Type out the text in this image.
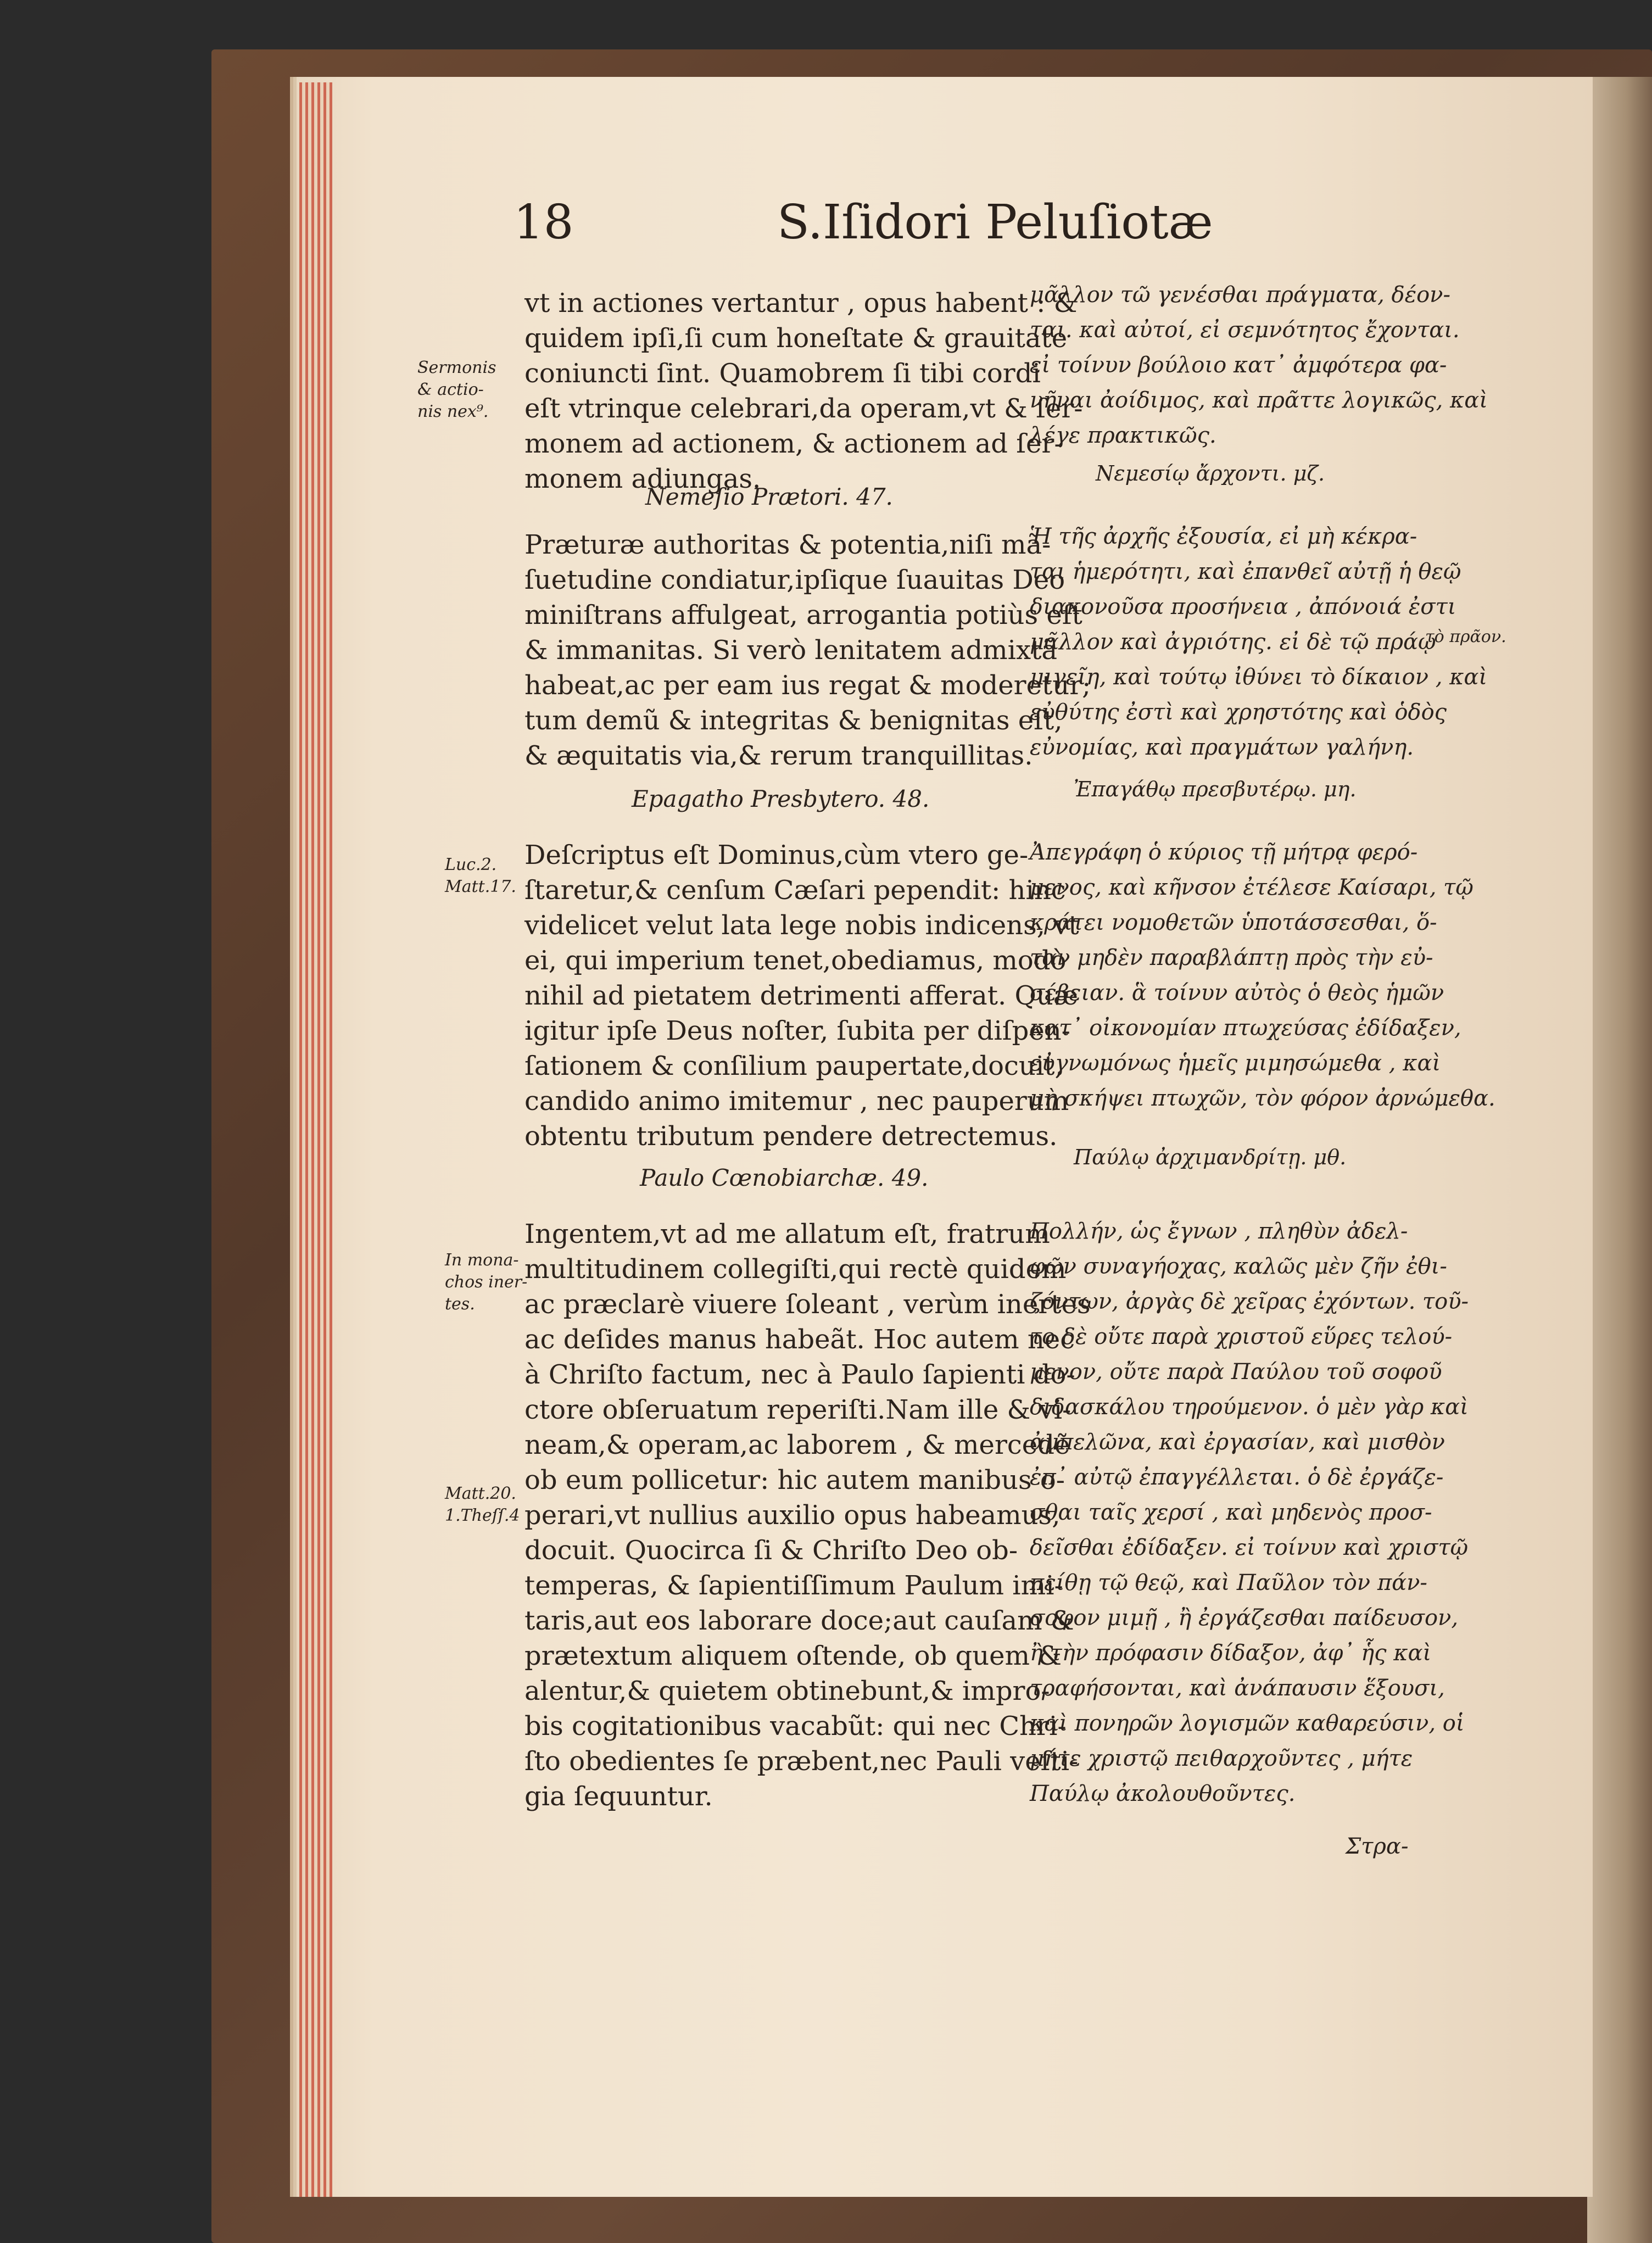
18	S.Iſidori Peluſiotæ
vt in actiones vertantur , opus habent : &
quidem ipſi,ſi cum honeſtate & grauitate
coniuncti ſint. Quamobrem ſi tibi cordi
eſt vtrinque celebrari,da operam,vt & ſer-
monem ad actionem, & actionem ad ſer-
monem adiungas.
Nemeſio Prætori. 47.
Præturæ authoritas & potentia,niſi mã-
ſuetudine condiatur,ipſique ſuauitas Deo
miniſtrans affulgeat, arrogantia potiùs eſt
& immanitas. Si verò lenitatem admixtã
habeat,ac per eam ius regat & moderetur;
tum demũ & integritas & benignitas eſt,
& æquitatis via,& rerum tranquillitas.
Epagatho Presbytero. 48.
Deſcriptus eſt Dominus,cùm vtero ge-
ſtaretur,& cenſum Cæſari pependit: hinc
videlicet velut lata lege nobis indicens, vt
ei, qui imperium tenet,obediamus, modò
nihil ad pietatem detrimenti afferat. Quæ
igitur ipſe Deus noſter, ſubita per diſpen-
ſationem & conſilium paupertate,docuit,
candido animo imitemur , nec pauperum
obtentu tributum pendere detrectemus.
Paulo Cœnobiarchæ. 49.
Ingentem,vt ad me allatum eſt, fratrum
multitudinem collegiſti,qui rectè quidem
ac præclarè viuere ſoleant , verùm inertes
ac deſides manus habeãt. Hoc autem nec
à Chriſto factum, nec à Paulo ſapienti do-
ctore obſeruatum reperiſti.Nam ille & vi-
neam,& operam,ac laborem , & mercedẽ
ob eum pollicetur: hic autem manibus o-
perari,vt nullius auxilio opus habeamus,
docuit. Quocirca ſi & Chriſto Deo ob-
temperas, & ſapientiſſimum Paulum imi-
taris,aut eos laborare doce;aut cauſam &
prætextum aliquem oſtende, ob quem &
alentur,& quietem obtinebunt,& impro-
bis cogitationibus vacabũt: qui nec Chri-
ſto obedientes ſe præbent,nec Pauli veſti-
gia ſequuntur.
μᾶλλον τῶ γενέσθαι πράγματα, δέον-
ται. καὶ αὐτοί, εἰ σεμνότητος ἔχονται.
εἰ τοίνυν βούλοιο κατ᾽ ἀμφότερα φα-
νῆναι ἀοίδιμος, καὶ πρᾶττε λογικῶς, καὶ
λέγε πρακτικῶς.
Νεμεσίῳ ἄρχοντι. μζ.
Ἡ τῆς ἀρχῆς ἐξουσία, εἰ μὴ κέκρα-
ται ἡμερότητι, καὶ ἐπανθεῖ αὐτῇ ἡ θεῷ
διακονοῦσα προσήνεια , ἀπόνοιά ἐστι
μᾶλλον καὶ ἀγριότης. εἰ δὲ τῷ πράῳ
μιγεῖη, καὶ τούτῳ ἰθύνει τὸ δίκαιον , καὶ
εὐθύτης ἐστὶ καὶ χρηστότης καὶ ὁδὸς
εὐνομίας, καὶ πραγμάτων γαλήνη.
τὸ πρᾶον.
Ἐπαγάθῳ πρεσβυτέρῳ. μη.
Ἀπεγράφη ὁ κύριος τῇ μήτρᾳ φερό-
μενος, καὶ κῆνσον ἐτέλεσε Καίσαρι, τῷ
κράτει νομοθετῶν ὑποτάσσεσθαι, ὅ-
ταν μηδὲν παραβλάπτῃ πρὸς τὴν εὐ-
σέβειαν. ἃ τοίνυν αὐτὸς ὁ θεὸς ἡμῶν
κατ᾽ οἰκονομίαν πτωχεύσας ἐδίδαξεν,
εὐγνωμόνως ἡμεῖς μιμησώμεθα , καὶ
μὴ σκήψει πτωχῶν, τὸν φόρον ἀρνώμεθα.
Παύλῳ ἀρχιμανδρίτῃ. μθ.
Πολλήν, ὡς ἔγνων , πληθὺν ἀδελ-
φῶν συναγήοχας, καλῶς μὲν ζῆν ἐθι-
ζόντων, ἀργὰς δὲ χεῖρας ἐχόντων. τοῦ-
το δὲ οὔτε παρὰ χριστοῦ εὕρες τελού-
μενον, οὔτε παρὰ Παύλου τοῦ σοφοῦ
διδασκάλου τηρούμενον. ὁ μὲν γὰρ καὶ
ἀμπελῶνα, καὶ ἐργασίαν, καὶ μισθὸν
ἐπ᾽ αὐτῷ ἐπαγγέλλεται. ὁ δὲ ἐργάζε-
σθαι ταῖς χερσί , καὶ μηδενὸς προσ-
δεῖσθαι ἐδίδαξεν. εἰ τοίνυν καὶ χριστῷ
πείθῃ τῷ θεῷ, καὶ Παῦλον τὸν πάν-
σοφον μιμῇ , ἢ ἐργάζεσθαι παίδευσον,
ἢ τὴν πρόφασιν δίδαξον, ἀφ᾽ ἧς καὶ
τραφήσονται, καὶ ἀνάπαυσιν ἕξουσι,
καὶ πονηρῶν λογισμῶν καθαρεύσιν, οἱ
μήτε χριστῷ πειθαρχοῦντες , μήτε
Παύλῳ ἀκολουθοῦντες.
Στρα-
Sermonis
& actio-
nis nex⁹.
Luc.2.
Matt.17.
In mona-
chos iner-
tes.
Matt.20.
1.Theſſ.4
